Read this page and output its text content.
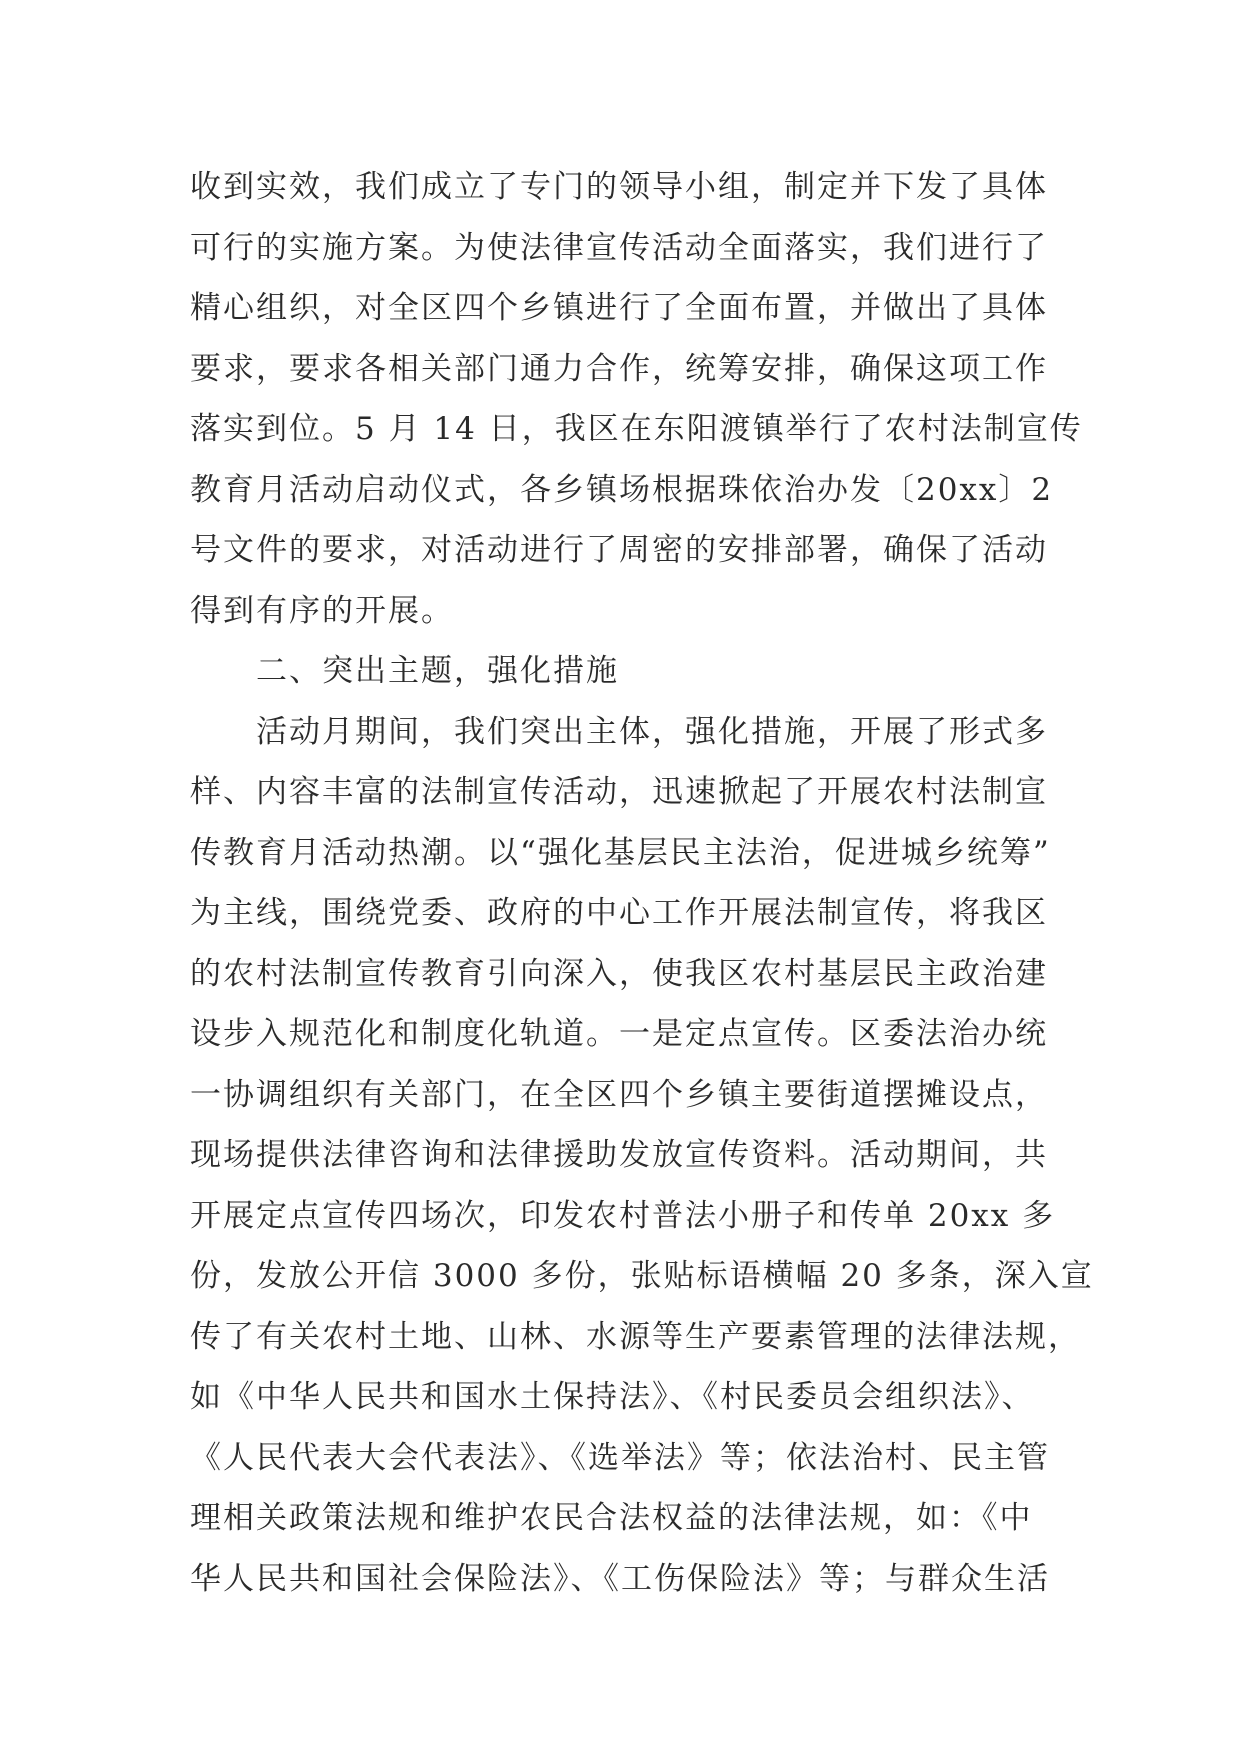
收到实效，我们成立了专门的领导小组，制定并下发了具体
可行的实施方案。为使法律宣传活动全面落实，我们进行了
精心组织，对全区四个乡镇进行了全面布置，并做出了具体
要求，要求各相关部门通力合作，统筹安排，确保这项工作
落实到位。5 月 14 日，我区在东阳渡镇举行了农村法制宣传
教育月活动启动仪式，各乡镇场根据珠依治办发〔20xx〕2
号文件的要求，对活动进行了周密的安排部署，确保了活动
得到有序的开展。
二、突出主题，强化措施
活动月期间，我们突出主体，强化措施，开展了形式多
样、内容丰富的法制宣传活动，迅速掀起了开展农村法制宣
传教育月活动热潮。以“强化基层民主法治，促进城乡统筹”
为主线，围绕党委、政府的中心工作开展法制宣传，将我区
的农村法制宣传教育引向深入，使我区农村基层民主政治建
设步入规范化和制度化轨道。一是定点宣传。区委法治办统
一协调组织有关部门，在全区四个乡镇主要街道摆摊设点，
现场提供法律咨询和法律援助发放宣传资料。活动期间，共
开展定点宣传四场次，印发农村普法小册子和传单 20xx 多
份，发放公开信 3000 多份，张贴标语横幅 20 多条，深入宣
传了有关农村土地、山林、水源等生产要素管理的法律法规，
如《中华人民共和国水土保持法》、《村民委员会组织法》、
《人民代表大会代表法》、《选举法》等；依法治村、民主管
理相关政策法规和维护农民合法权益的法律法规，如：《中
华人民共和国社会保险法》、《工伤保险法》等；与群众生活
